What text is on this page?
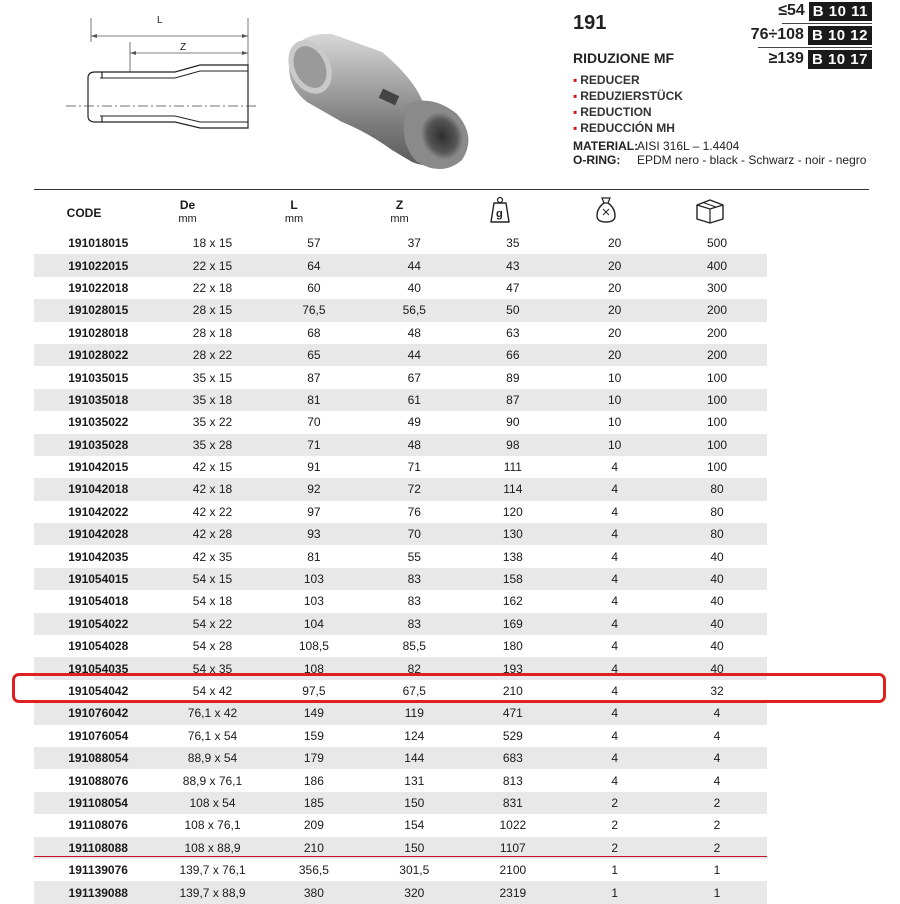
L
Z
191
RIDUZIONE MF
▪ REDUCER
▪ REDUZIERSTÜCK
▪ REDUCTION
▪ REDUCCIÓN MH
MATERIAL:AISI 316L – 1.4404
O-RING: EPDM nero - black - Schwarz - noir - negro
≤54 B 10 11
76÷108 B 10 12
≥139 B 10 17
CODE
De
mm
L
mm
Z
mm	g
191018015	18 x 15	57	37	35	20	500
191022015	22 x 15	64	44	43	20	400
191022018	22 x 18	60	40	47	20	300
191028015	28 x 15	76,5	56,5	50	20	200
191028018	28 x 18	68	48	63	20	200
191028022	28 x 22	65	44	66	20	200
191035015	35 x 15	87	67	89	10	100
191035018	35 x 18	81	61	87	10	100
191035022	35 x 22	70	49	90	10	100
191035028	35 x 28	71	48	98	10	100
191042015	42 x 15	91	71	111	4	100
191042018	42 x 18	92	72	114	4	80
191042022	42 x 22	97	76	120	4	80
191042028	42 x 28	93	70	130	4	80
191042035	42 x 35	81	55	138	4	40
191054015	54 x 15	103	83	158	4	40
191054018	54 x 18	103	83	162	4	40
191054022	54 x 22	104	83	169	4	40
191054028	54 x 28	108,5	85,5	180	4	40
191054035	54 x 35	108	82	193	4	40
191054042	54 x 42	97,5	67,5	210	4	32
191076042	76,1 x 42	149	119	471	4	4
191076054	76,1 x 54	159	124	529	4	4
191088054	88,9 x 54	179	144	683	4	4
191088076	88,9 x 76,1	186	131	813	4	4
191108054	108 x 54	185	150	831	2	2
191108076	108 x 76,1	209	154	1022	2	2
191108088	108 x 88,9	210	150	1107	2	2
191139076	139,7 x 76,1	356,5	301,5	2100	1	1
191139088	139,7 x 88,9	380	320	2319	1	1
